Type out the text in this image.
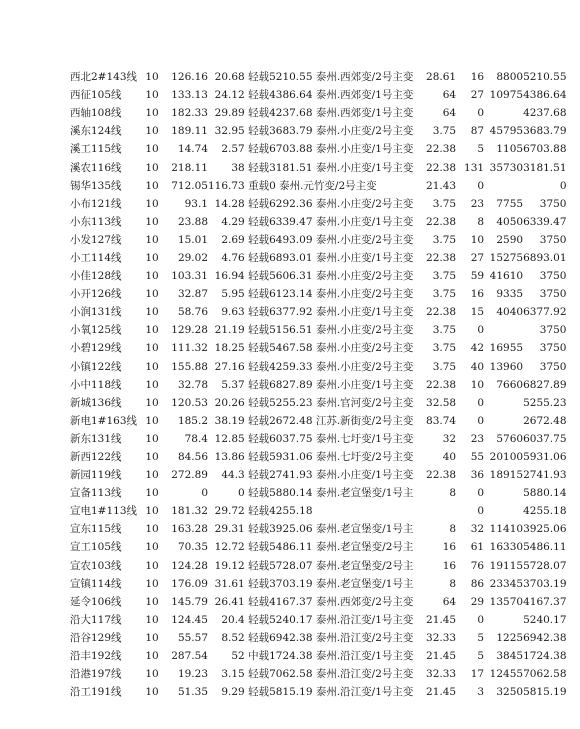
西北2#143线	10	126.16	20.68 轻载	5210.55 泰州.西郊变/2号主变	28.61	16	8800	5210.55
西征105线	10	133.13	24.12 轻载	4386.64 泰州.西郊变/1号主变	64	27	10975	4386.64
西轴108线	10	182.33	29.89 轻载	4237.68 泰州.西郊变/1号主变	64	0		4237.68
溪东124线	10	189.11	32.95 轻载	3683.79 泰州.小庄变/2号主变	3.75	87	45795	3683.79
溪工115线	10	14.74	2.57 轻载	6703.88 泰州.小庄变/1号主变	22.38	5	1105	6703.88
溪农116线	10	218.11	38 轻载	3181.51 泰州.小庄变/1号主变	22.38	131	35730	3181.51
锡华135线	10	712.05	116.73 重载	0 泰州.元竹变/2号主变	21.43	0		0
小布121线	10	93.1	14.28 轻载	6292.36 泰州.小庄变/2号主变	3.75	23	7755	3750
小东113线	10	23.88	4.29 轻载	6339.47 泰州.小庄变/1号主变	22.38	8	4050	6339.47
小发127线	10	15.01	2.69 轻载	6493.09 泰州.小庄变/2号主变	3.75	10	2590	3750
小工114线	10	29.02	4.76 轻载	6893.01 泰州.小庄变/1号主变	22.38	27	15275	6893.01
小佳128线	10	103.31	16.94 轻载	5606.31 泰州.小庄变/2号主变	3.75	59	41610	3750
小开126线	10	32.87	5.95 轻载	6123.14 泰州.小庄变/2号主变	3.75	16	9335	3750
小润131线	10	58.76	9.63 轻载	6377.92 泰州.小庄变/1号主变	22.38	15	4040	6377.92
小氧125线	10	129.28	21.19 轻载	5156.51 泰州.小庄变/2号主变	3.75	0		3750
小碧129线	10	111.32	18.25 轻载	5467.58 泰州.小庄变/2号主变	3.75	42	16955	3750
小镇122线	10	155.88	27.16 轻载	4259.33 泰州.小庄变/2号主变	3.75	40	13960	3750
小中118线	10	32.78	5.37 轻载	6827.89 泰州.小庄变/1号主变	22.38	10	7660	6827.89
新城136线	10	120.53	20.26 轻载	5255.23 泰州.官河变/2号主变	32.58	0		5255.23
新电1#163线	10	185.2	38.19 轻载	2672.48 江苏.新街变/2号主变	83.74	0		2672.48
新东131线	10	78.4	12.85 轻载	6037.75 泰州.七圩变/1号主变	32	23	5760	6037.75
新西122线	10	84.56	13.86 轻载	5931.06 泰州.七圩变/2号主变	40	55	20100	5931.06
新园119线	10	272.89	44.3 轻载	2741.93 泰州.小庄变/1号主变	22.38	36	18915	2741.93
宣备113线	10	0	0 轻载	5880.14 泰州.老宣堡变/1号主	8	0		5880.14
宣电1#113线	10	181.32	29.72 轻载	4255.18		0		4255.18
宣东115线	10	163.28	29.31 轻载	3925.06 泰州.老宣堡变/1号主	8	32	11410	3925.06
宣工105线	10	70.35	12.72 轻载	5486.11 泰州.老宣堡变/2号主	16	61	16330	5486.11
宣农103线	10	124.28	19.12 轻载	5728.07 泰州.老宣堡变/2号主	16	76	19115	5728.07
宣镇114线	10	176.09	31.61 轻载	3703.19 泰州.老宣堡变/1号主	8	86	23345	3703.19
延令106线	10	145.79	26.41 轻载	4167.37 泰州.西郊变/2号主变	64	29	13570	4167.37
沿大117线	10	124.45	20.4 轻载	5240.17 泰州.沿江变/1号主变	21.45	0		5240.17
沿谷129线	10	55.57	8.52 轻载	6942.38 泰州.沿江变/2号主变	32.33	5	1225	6942.38
沿丰192线	10	287.54	52 中载	1724.38 泰州.沿江变/1号主变	21.45	5	3845	1724.38
沿港197线	10	19.23	3.15 轻载	7062.58 泰州.沿江变/2号主变	32.33	17	12455	7062.58
沿工191线	10	51.35	9.29 轻载	5815.19 泰州.沿江变/1号主变	21.45	3	3250	5815.19
